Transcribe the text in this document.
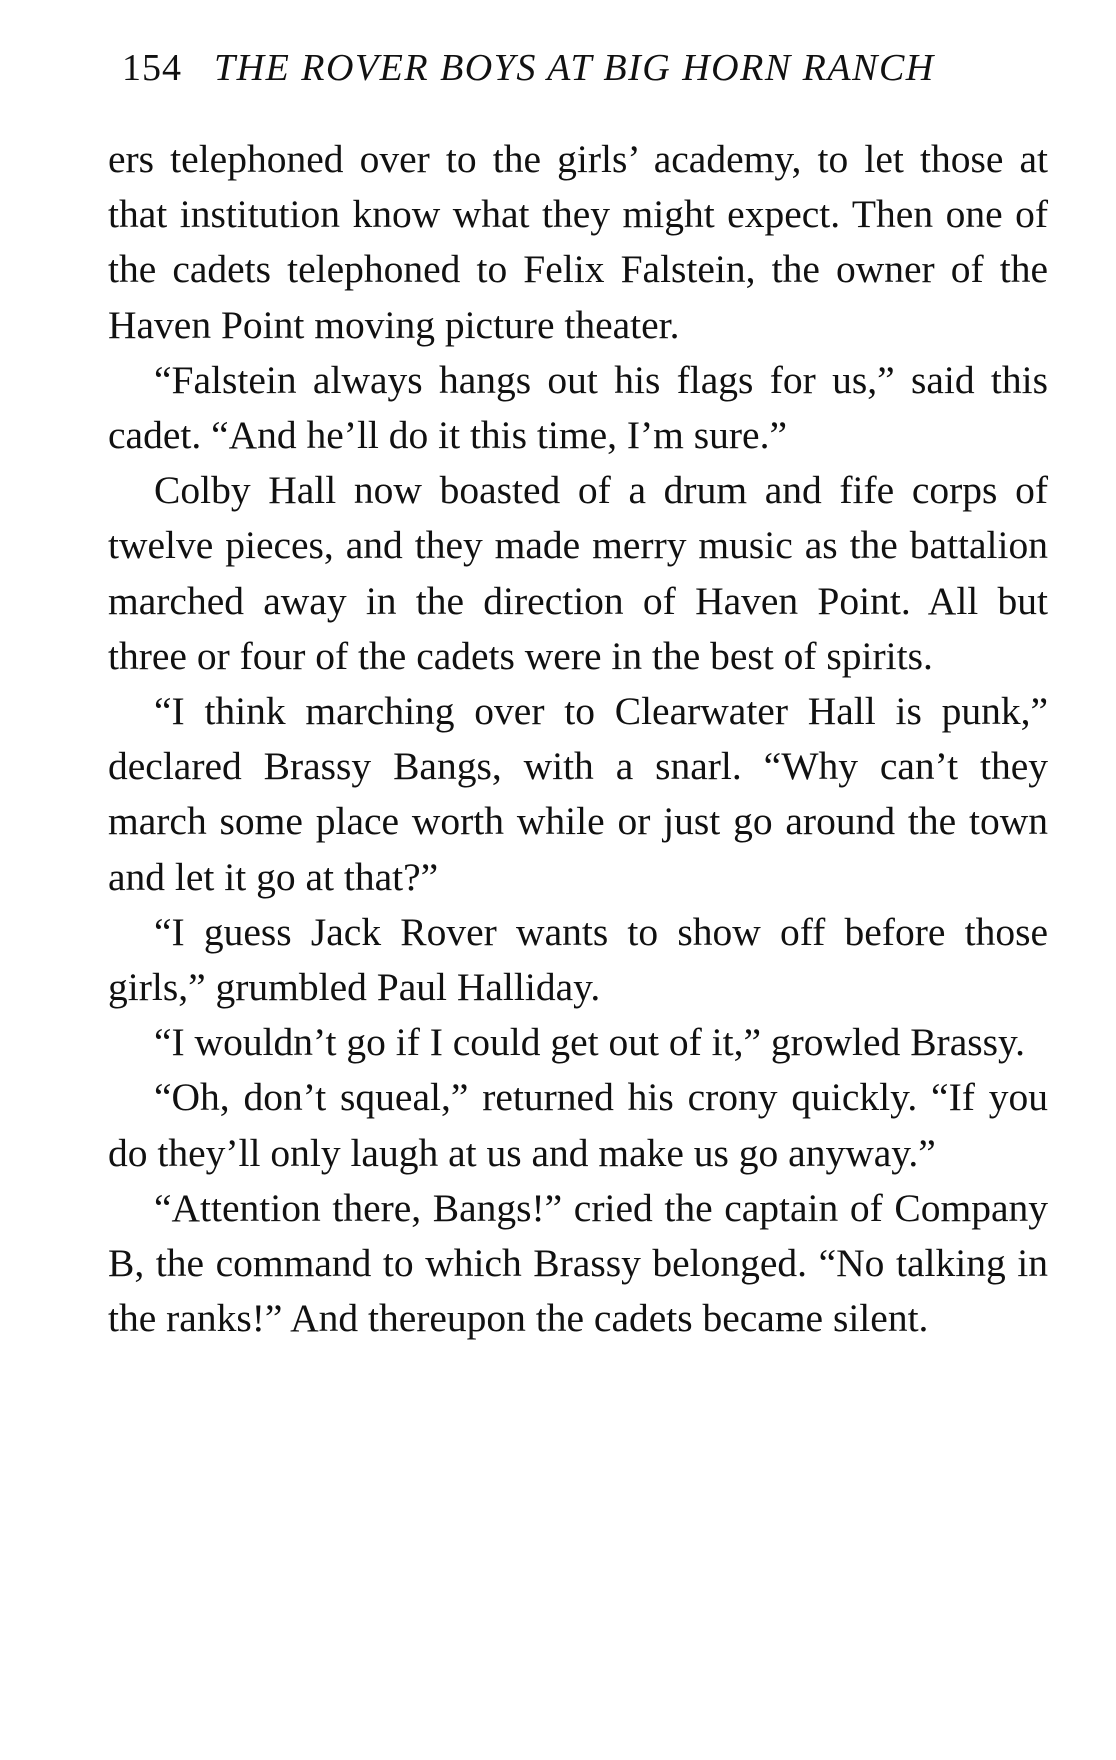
154 THE ROVER BOYS AT BIG HORN RANCH

ers telephoned over to the girls’ academy, to let those at that institution know what they might expect. Then one of the cadets telephoned to Felix Falstein, the owner of the Haven Point moving picture theater.

“Falstein always hangs out his flags for us,” said this cadet. “And he’ll do it this time, I’m sure.”

Colby Hall now boasted of a drum and fife corps of twelve pieces, and they made merry music as the battalion marched away in the direction of Haven Point. All but three or four of the cadets were in the best of spirits.

“I think marching over to Clearwater Hall is punk,” declared Brassy Bangs, with a snarl. “Why can’t they march some place worth while or just go around the town and let it go at that?”

“I guess Jack Rover wants to show off before those girls,” grumbled Paul Halliday.

“I wouldn’t go if I could get out of it,” growled Brassy.

“Oh, don’t squeal,” returned his crony quickly. “If you do they’ll only laugh at us and make us go anyway.”

“Attention there, Bangs!” cried the captain of Company B, the command to which Brassy belonged. “No talking in the ranks!” And thereupon the cadets became silent.
